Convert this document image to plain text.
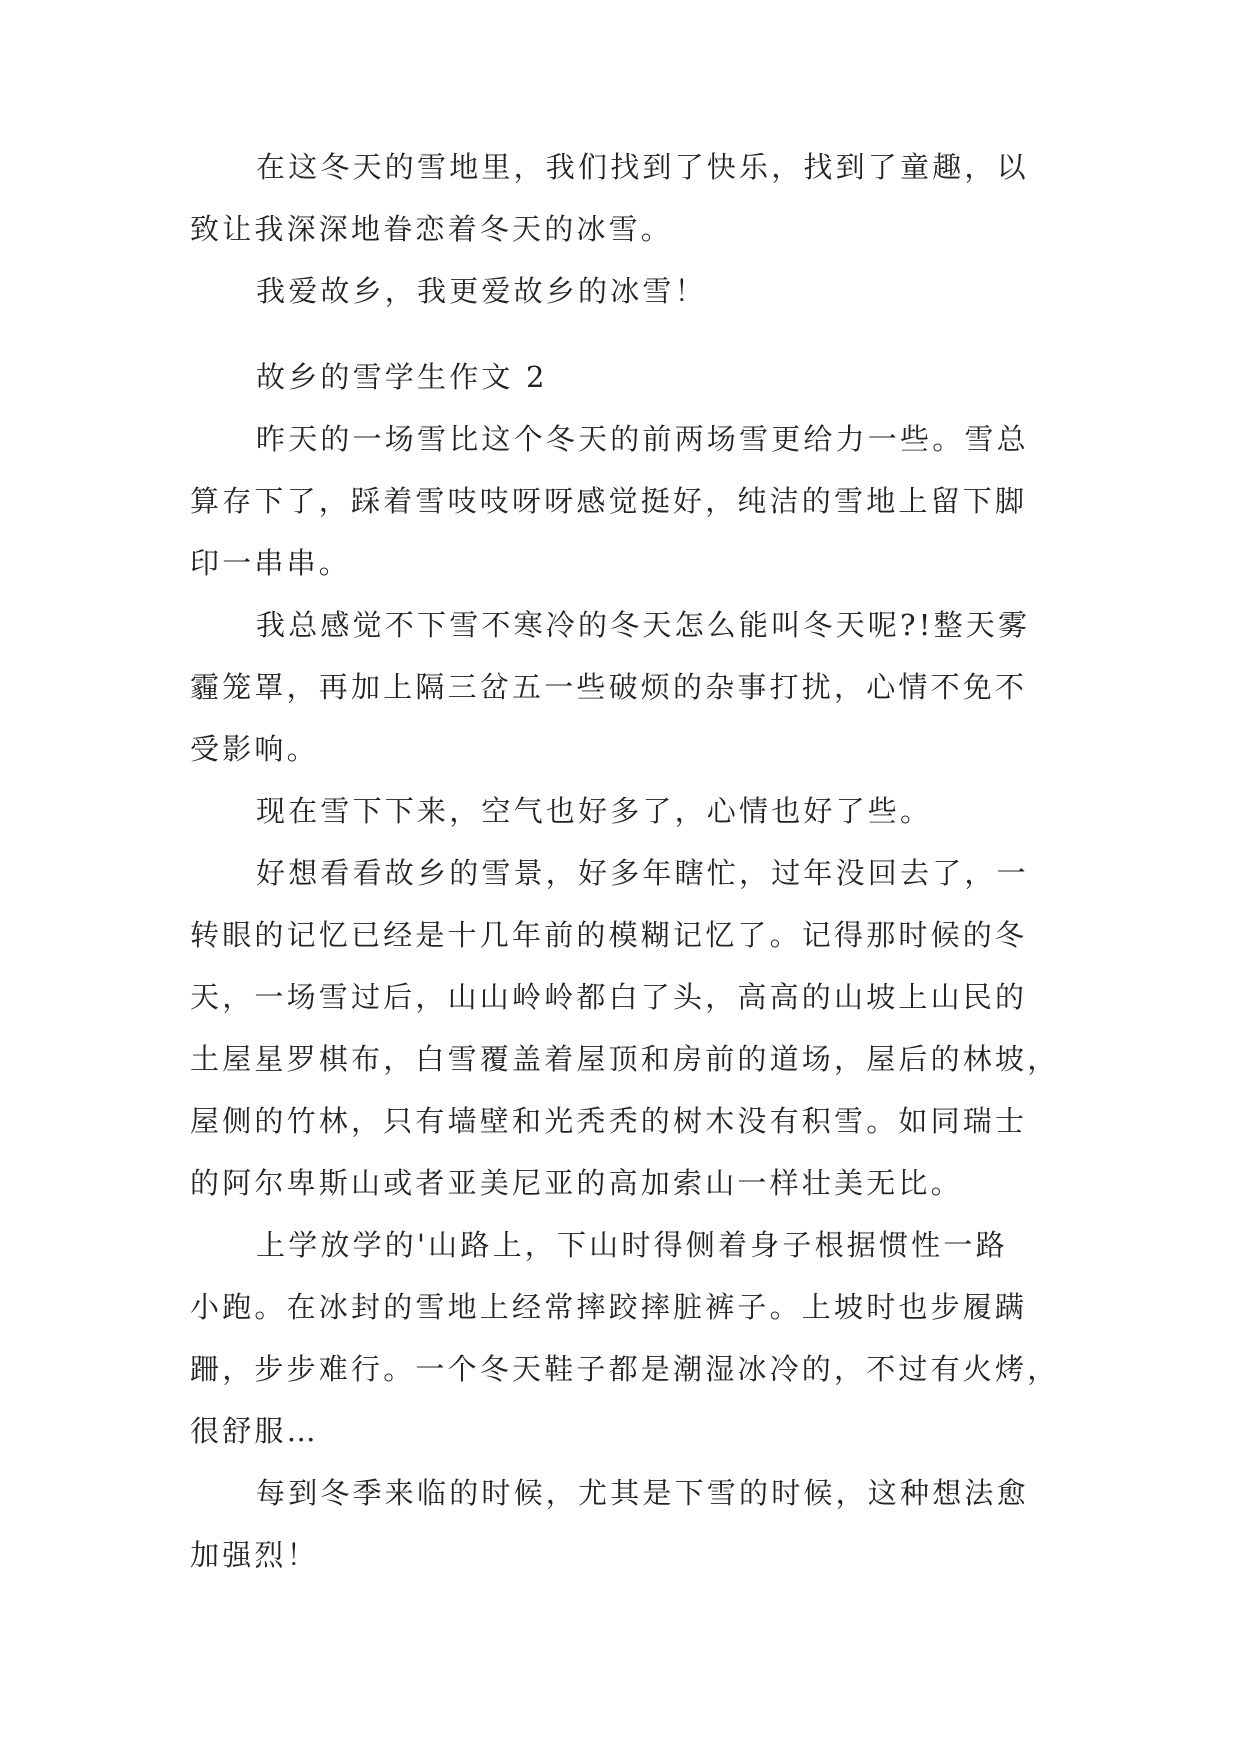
在这冬天的雪地里，我们找到了快乐，找到了童趣，以
致让我深深地眷恋着冬天的冰雪。
我爱故乡，我更爱故乡的冰雪！
故乡的雪学生作文 2
昨天的一场雪比这个冬天的前两场雪更给力一些。雪总
算存下了，踩着雪吱吱呀呀感觉挺好，纯洁的雪地上留下脚
印一串串。
我总感觉不下雪不寒冷的冬天怎么能叫冬天呢?!整天雾
霾笼罩，再加上隔三岔五一些破烦的杂事打扰，心情不免不
受影响。
现在雪下下来，空气也好多了，心情也好了些。
好想看看故乡的雪景，好多年瞎忙，过年没回去了，一
转眼的记忆已经是十几年前的模糊记忆了。记得那时候的冬
天，一场雪过后，山山岭岭都白了头，高高的山坡上山民的
土屋星罗棋布，白雪覆盖着屋顶和房前的道场，屋后的林坡，
屋侧的竹林，只有墙壁和光秃秃的树木没有积雪。如同瑞士
的阿尔卑斯山或者亚美尼亚的高加索山一样壮美无比。
上学放学的'山路上，下山时得侧着身子根据惯性一路
小跑。在冰封的雪地上经常摔跤摔脏裤子。上坡时也步履蹒
跚，步步难行。一个冬天鞋子都是潮湿冰冷的，不过有火烤，
很舒服…
每到冬季来临的时候，尤其是下雪的时候，这种想法愈
加强烈！
